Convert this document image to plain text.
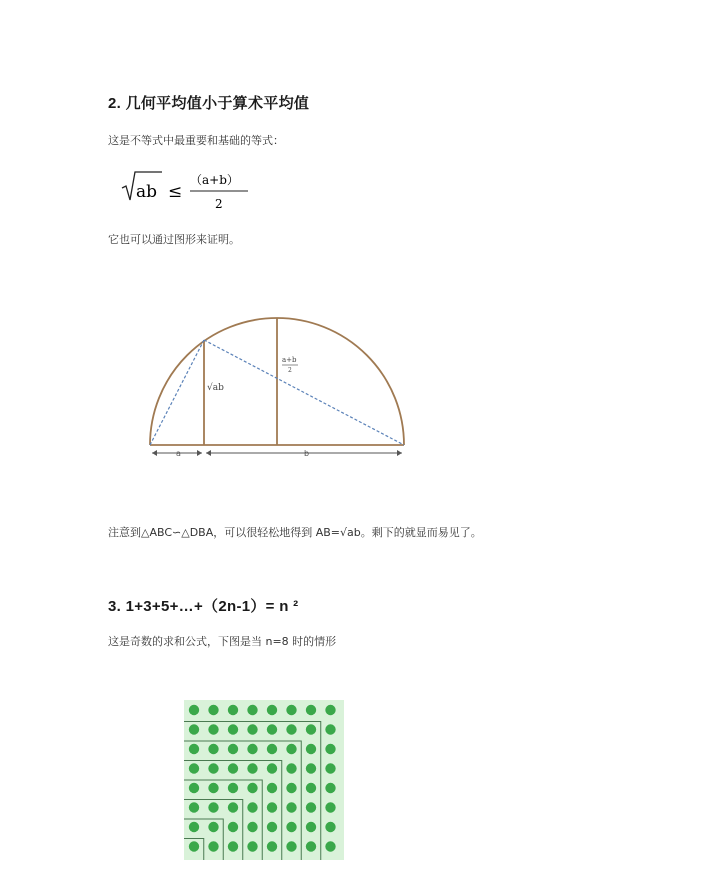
2. 几何平均值小于算术平均值
这是不等式中最重要和基础的等式：
ab ≤
（a+b）
2
它也可以通过图形来证明。
√ab
a+b
2
a	b
注意到△ABC∽△DBA，可以很轻松地得到 AB=√ab。剩下的就显而易见了。
3. 1+3+5+…+（2n-1）= n ²
这是奇数的求和公式，下图是当 n=8 时的情形
